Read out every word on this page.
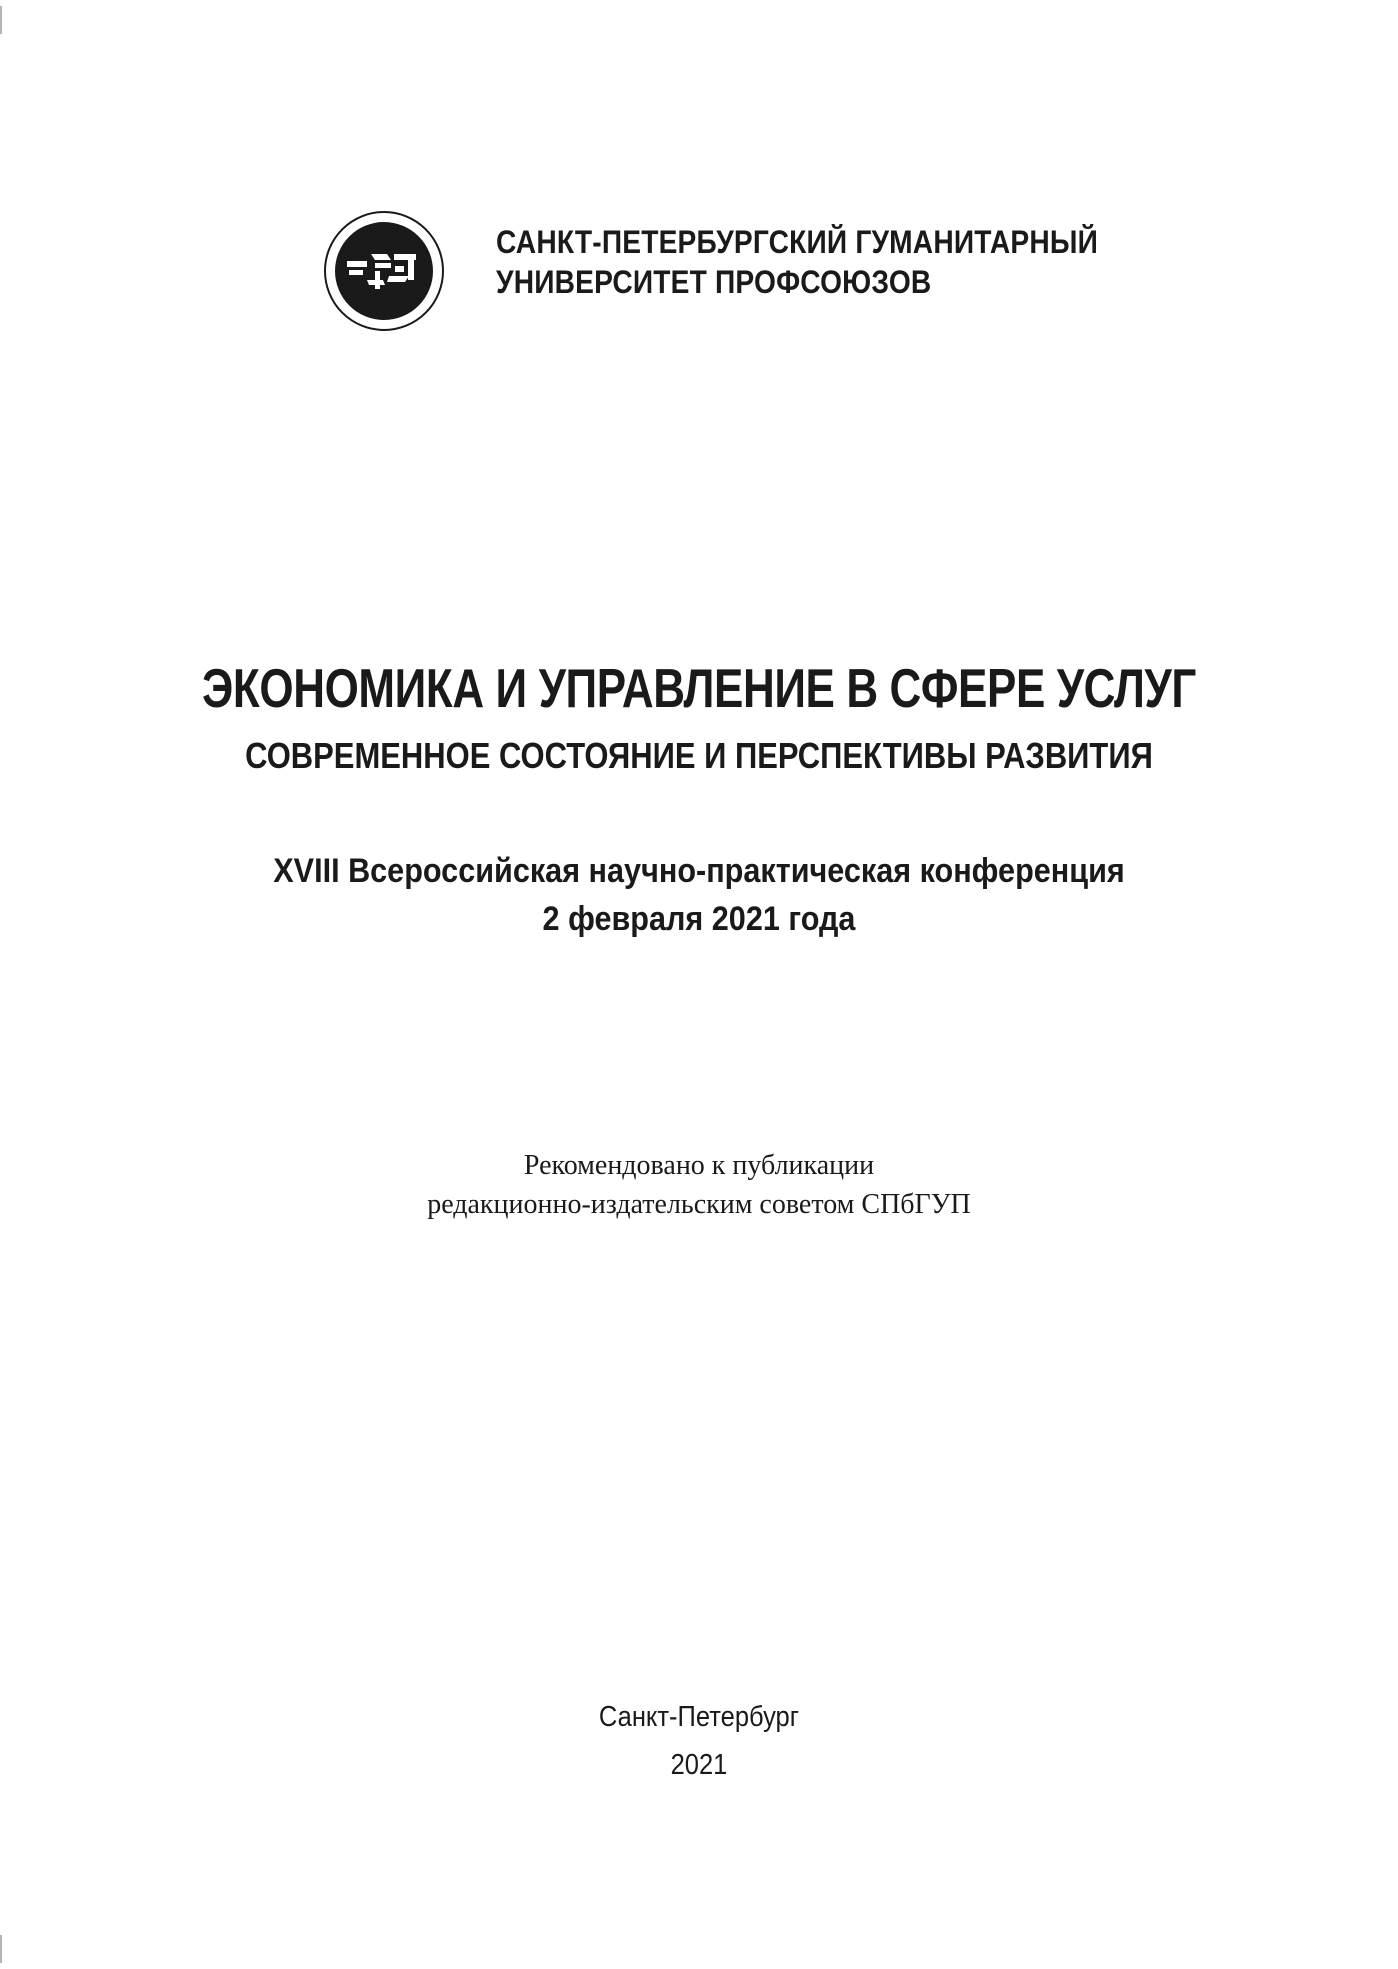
САНКТ-ПЕТЕРБУРГСКИЙ ГУМАНИТАРНЫЙ
УНИВЕРСИТЕТ ПРОФСОЮЗОВ
ЭКОНОМИКА И УПРАВЛЕНИЕ В СФЕРЕ УСЛУГ
СОВРЕМЕННОЕ СОСТОЯНИЕ И ПЕРСПЕКТИВЫ РАЗВИТИЯ
XVIII Всероссийская научно-практическая конференция
2 февраля 2021 года
Рекомендовано к публикации
редакционно-издательским советом СПбГУП
Санкт-Петербург
2021
